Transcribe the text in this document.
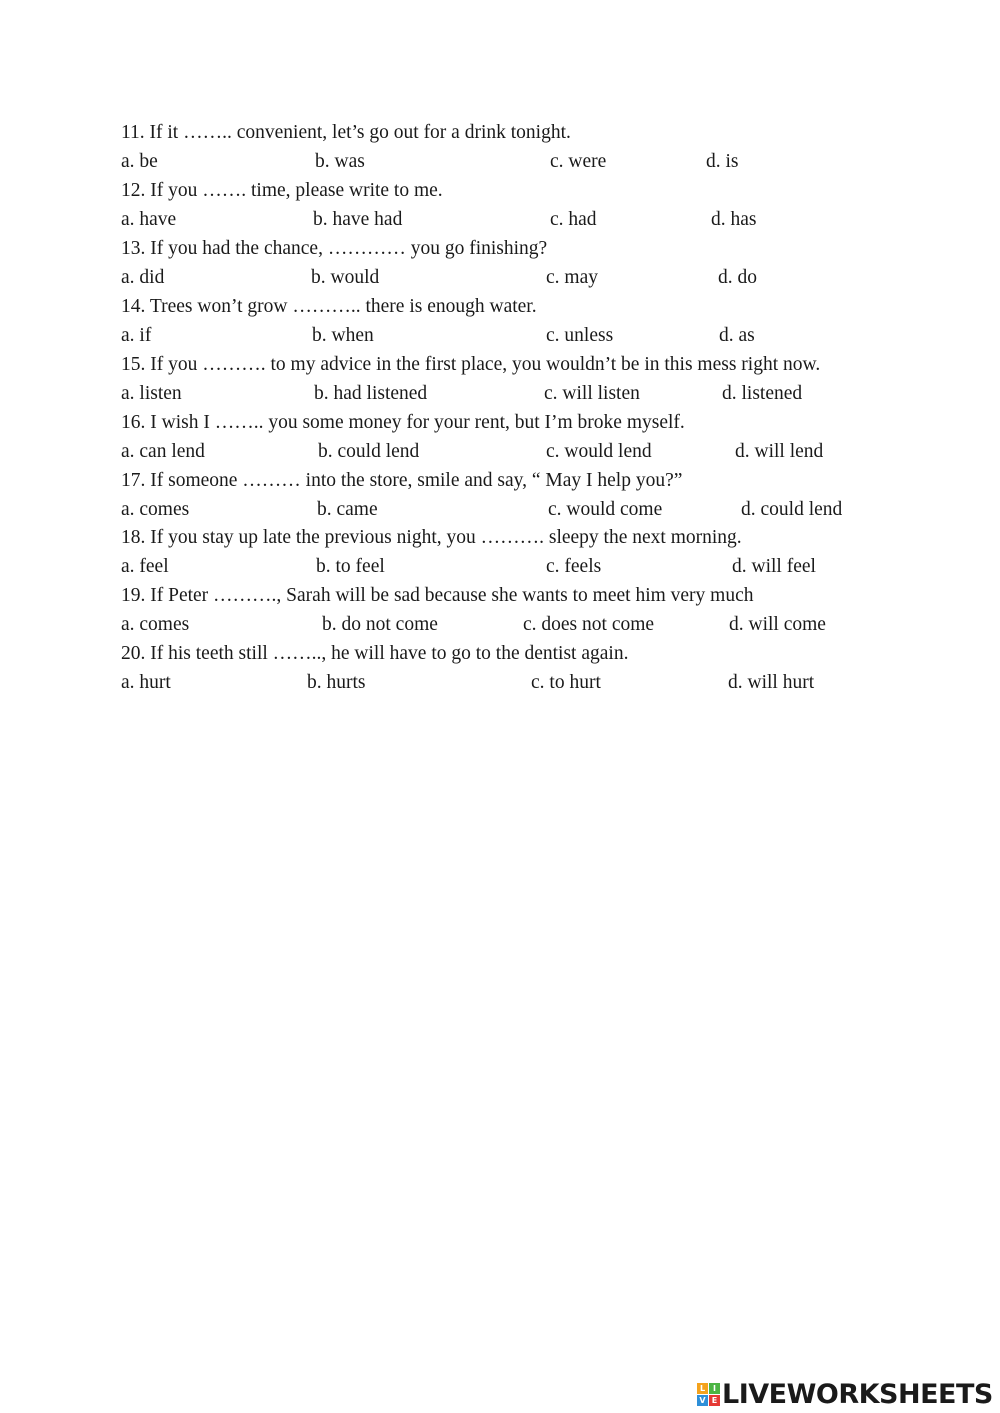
11. If it …….. convenient, let’s go out for a drink tonight.
a. be	b. was	c. were	d. is
12. If you ……. time, please write to me.
a. have	b. have had	c. had	d. has
13. If you had the chance, ………… you go finishing?
a. did	b. would	c. may	d. do
14. Trees won’t grow ……….. there is enough water.
a. if	b. when	c. unless	d. as
15. If you ………. to my advice in the first place, you wouldn’t be in this mess right now.
a. listen	b. had listened	c. will listen	d. listened
16. I wish I …….. you some money for your rent, but I’m broke myself.
a. can lend	b. could lend	c. would lend	d. will lend
17. If someone ……… into the store, smile and say, “ May I help you?”
a. comes	b. came	c. would come	d. could lend
18. If you stay up late the previous night, you ………. sleepy the next morning.
a. feel	b. to feel	c. feels	d. will feel
19. If Peter ………., Sarah will be sad because she wants to meet him very much
a. comes	b. do not come	c. does not come	d. will come
20. If his teeth still …….., he will have to go to the dentist again.
a. hurt	b. hurts	c. to hurt	d. will hurt
L I
V E LIVEWORKSHEETS
